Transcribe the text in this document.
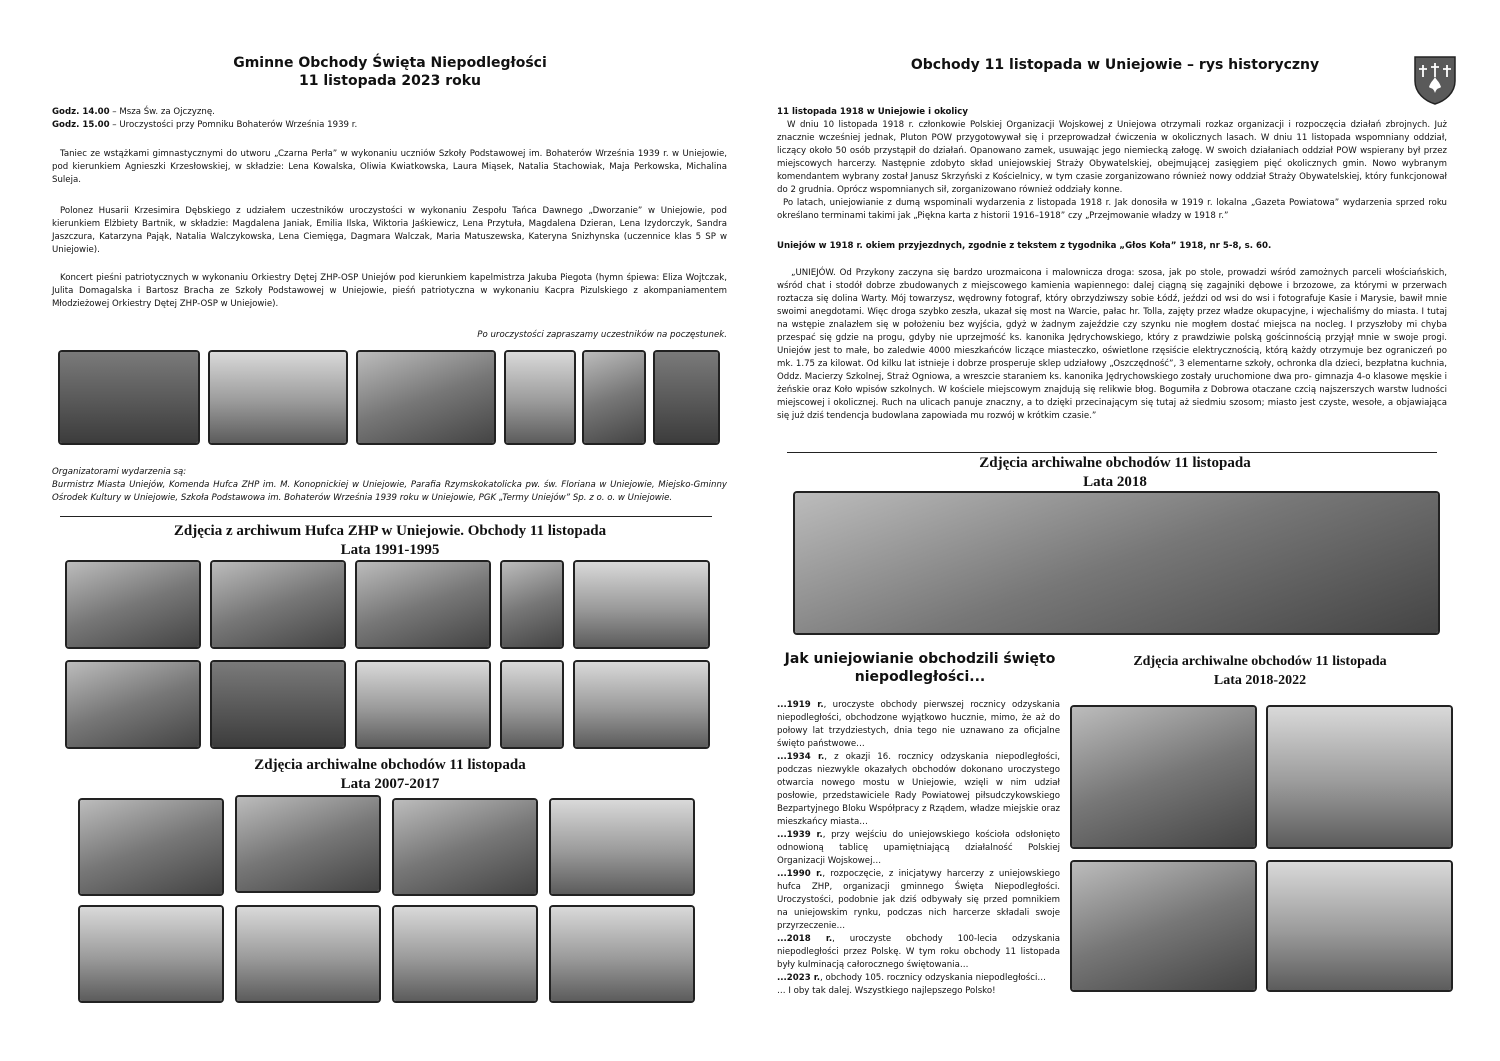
Gminne Obchody Święta Niepodległości
11 listopada 2023 roku
Godz. 14.00 – Msza Św. za Ojczyznę.
Godz. 15.00 – Uroczystości przy Pomniku Bohaterów Września 1939 r.

Taniec ze wstążkami gimnastycznymi do utworu „Czarna Perła” w wykonaniu uczniów Szkoły Podstawowej im. Bohaterów Września 1939 r. w Uniejowie, pod kierunkiem Agnieszki Krzesłowskiej, w składzie: Lena Kowalska, Oliwia Kwiatkowska, Laura Miąsek, Natalia Stachowiak, Maja Perkowska, Michalina Suleja.

Polonez Husarii Krzesimira Dębskiego z udziałem uczestników uroczystości w wykonaniu Zespołu Tańca Dawnego „Dworzanie” w Uniejowie, pod kierunkiem Elżbiety Bartnik, w składzie: Magdalena Janiak, Emilia Ilska, Wiktoria Jaśkiewicz, Lena Przytuła, Magdalena Dzieran, Lena Izydorczyk, Sandra Jaszczura, Katarzyna Pająk, Natalia Walczykowska, Lena Ciemięga, Dagmara Walczak, Maria Matuszewska, Kateryna Snizhynska (uczennice klas 5 SP w Uniejowie).

Koncert pieśni patriotycznych w wykonaniu Orkiestry Dętej ZHP-OSP Uniejów pod kierunkiem kapelmistrza Jakuba Piegota (hymn śpiewa: Eliza Wojtczak, Julita Domagalska i Bartosz Bracha ze Szkoły Podstawowej w Uniejowie, pieśń patriotyczna w wykonaniu Kacpra Pizulskiego z akompaniamentem Młodzieżowej Orkiestry Dętej ZHP-OSP w Uniejowie).

Po uroczystości zapraszamy uczestników na poczęstunek.

Organizatorami wydarzenia są:
Burmistrz Miasta Uniejów, Komenda Hufca ZHP im. M. Konopnickiej w Uniejowie, Parafia Rzymskokatolicka pw. św. Floriana w Uniejowie, Miejsko-Gminny Ośrodek Kultury w Uniejowie, Szkoła Podstawowa im. Bohaterów Września 1939 roku w Uniejowie, PGK „Termy Uniejów” Sp. z o. o. w Uniejowie.
Zdjęcia z archiwum Hufca ZHP w Uniejowie. Obchody 11 listopada
Lata 1991-1995
Zdjęcia archiwalne obchodów 11 listopada
Lata 2007-2017
Obchody 11 listopada w Uniejowie – rys historyczny
11 listopada 1918 w Uniejowie i okolicy

W dniu 10 listopada 1918 r. członkowie Polskiej Organizacji Wojskowej z Uniejowa otrzymali rozkaz organizacji i rozpoczęcia działań zbrojnych. Już znacznie wcześniej jednak, Pluton POW przygotowywał się i przeprowadzał ćwiczenia w okolicznych lasach. W dniu 11 listopada wspomniany oddział, liczący około 50 osób przystąpił do działań. Opanowano zamek, usuwając jego niemiecką załogę. W swoich działaniach oddział POW wspierany był przez miejscowych harcerzy. Następnie zdobyto skład uniejowskiej Straży Obywatelskiej, obejmującej zasięgiem pięć okolicznych gmin. Nowo wybranym komendantem wybrany został Janusz Skrzyński z Kościelnicy, w tym czasie zorganizowano również nowy oddział Straży Obywatelskiej, który funkcjonował do 2 grudnia. Oprócz wspomnianych sił, zorganizowano również oddziały konne.

Po latach, uniejowianie z dumą wspominali wydarzenia z listopada 1918 r. Jak donosiła w 1919 r. lokalna „Gazeta Powiatowa” wydarzenia sprzed roku określano terminami takimi jak „Piękna karta z historii 1916–1918” czy „Przejmowanie władzy w 1918 r.”

Uniejów w 1918 r. okiem przyjezdnych, zgodnie z tekstem z tygodnika „Głos Koła” 1918, nr 5-8, s. 60.

„UNIEJÓW. Od Przykony zaczyna się bardzo urozmaicona i malownicza droga: szosa, jak po stole, prowadzi wśród zamożnych parceli włościańskich, wśród chat i stodół dobrze zbudowanych z miejscowego kamienia wapiennego: dalej ciągną się zagajniki dębowe i brzozowe, za którymi w przerwach roztacza się dolina Warty. Mój towarzysz, wędrowny fotograf, który obrzydziwszy sobie Łódź, jeździ od wsi do wsi i fotografuje Kasie i Marysie, bawił mnie swoimi anegdotami. Więc droga szybko zeszła, ukazał się most na Warcie, pałac hr. Tolla, zajęty przez władze okupacyjne, i wjechaliśmy do miasta. I tutaj na wstępie znalazłem się w położeniu bez wyjścia, gdyż w żadnym zajeździe czy szynku nie mogłem dostać miejsca na nocleg. I przyszłoby mi chyba przespać się gdzie na progu, gdyby nie uprzejmość ks. kanonika Jędrychowskiego, który z prawdziwie polską gościnnością przyjął mnie w swoje progi. Uniejów jest to małe, bo zaledwie 4000 mieszkańców liczące miasteczko, oświetlone rzęsiście elektrycznością, którą każdy otrzymuje bez ograniczeń po mk. 1.75 za kilowat. Od kilku lat istnieje i dobrze prosperuje sklep udziałowy „Oszczędność”, 3 elementarne szkoły, ochronka dla dzieci, bezpłatna kuchnia, Oddz. Macierzy Szkolnej, Straż Ogniowa, a wreszcie staraniem ks. kanonika Jędrychowskiego zostały uruchomione dwa pro- gimnazja 4-o klasowe męskie i żeńskie oraz Koło wpisów szkolnych. W kościele miejscowym znajdują się relikwie błog. Bogumiła z Dobrowa otaczane czcią najszerszych warstw ludności miejscowej i okolicznej. Ruch na ulicach panuje znaczny, a to dzięki przecinającym się tutaj aż siedmiu szosom; miasto jest czyste, wesołe, a objawiająca się już dziś tendencja budowlana zapowiada mu rozwój w krótkim czasie.”

Zdjęcia archiwalne obchodów 11 listopada
Lata 2018
Jak uniejowianie obchodzili święto
niepodległości...
Zdjęcia archiwalne obchodów 11 listopada
Lata 2018-2022
...1919 r., uroczyste obchody pierwszej rocznicy odzyskania niepodległości, obchodzone wyjątkowo hucznie, mimo, że aż do połowy lat trzydziestych, dnia tego nie uznawano za oficjalne święto państwowe…
...1934 r., z okazji 16. rocznicy odzyskania niepodległości, podczas niezwykle okazałych obchodów dokonano uroczystego otwarcia nowego mostu w Uniejowie, wzięli w nim udział posłowie, przedstawiciele Rady Powiatowej piłsudczykowskiego Bezpartyjnego Bloku Współpracy z Rządem, władze miejskie oraz mieszkańcy miasta…
...1939 r., przy wejściu do uniejowskiego kościoła odsłonięto odnowioną tablicę upamiętniającą działalność Polskiej Organizacji Wojskowej…
...1990 r., rozpoczęcie, z inicjatywy harcerzy z uniejowskiego hufca ZHP, organizacji gminnego Święta Niepodległości. Uroczystości, podobnie jak dziś odbywały się przed pomnikiem na uniejowskim rynku, podczas nich harcerze składali swoje przyrzeczenie…
...2018 r., uroczyste obchody 100-lecia odzyskania niepodległości przez Polskę. W tym roku obchody 11 listopada były kulminacją całorocznego świętowania…
...2023 r., obchody 105. rocznicy odzyskania niepodległości…
… I oby tak dalej. Wszystkiego najlepszego Polsko!
